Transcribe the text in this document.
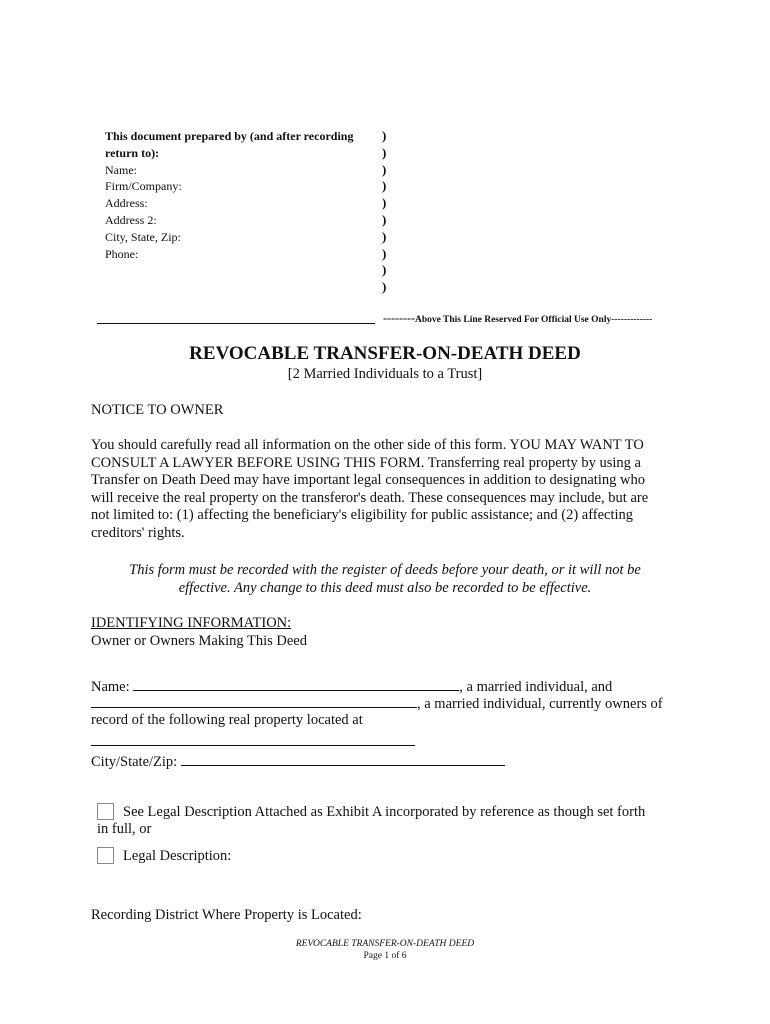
This document prepared by (and after recording
return to):
Name:
Firm/Company:
Address:
Address 2:
City, State, Zip:
Phone:
)
)
)
)
)
)
)
)
)
)
--------Above This Line Reserved For Official Use Only-------------
REVOCABLE TRANSFER-ON-DEATH DEED
[2 Married Individuals to a Trust]
NOTICE TO OWNER
You should carefully read all information on the other side of this form. YOU MAY WANT TO
CONSULT A LAWYER BEFORE USING THIS FORM. Transferring real property by using a
Transfer on Death Deed may have important legal consequences in addition to designating who
will receive the real property on the transferor's death. These consequences may include, but are
not limited to: (1) affecting the beneficiary's eligibility for public assistance; and (2) affecting
creditors' rights.
This form must be recorded with the register of deeds before your death, or it will not be
effective. Any change to this deed must also be recorded to be effective.
IDENTIFYING INFORMATION:
Owner or Owners Making This Deed
Name:	, a married individual, and
, a married individual, currently owners of
record of the following real property located at
City/State/Zip:
See Legal Description Attached as Exhibit A incorporated by reference as though set forth
in full, or
Legal Description:
Recording District Where Property is Located:
REVOCABLE TRANSFER-ON-DEATH DEED
Page 1 of 6
